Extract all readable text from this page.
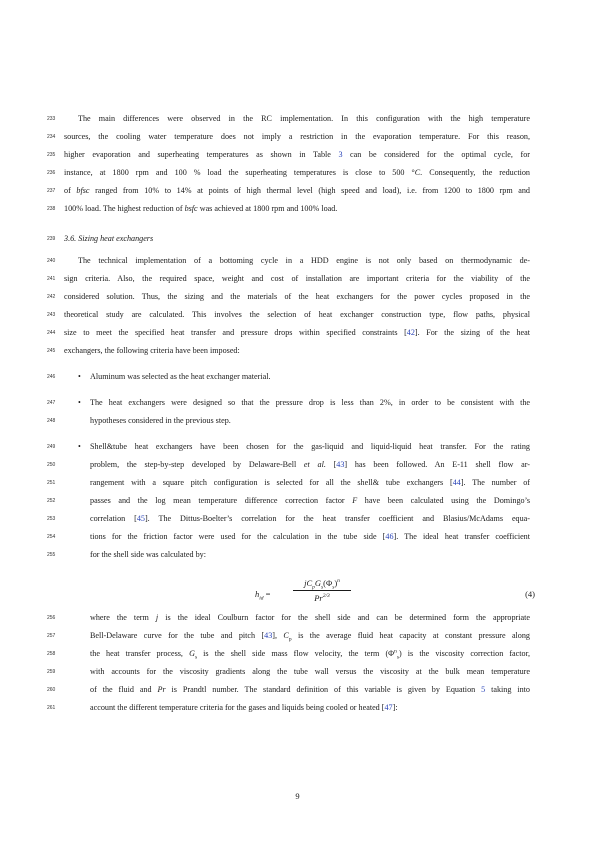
233	The main differences were observed in the RC implementation. In this configuration with the high temperature
234	sources, the cooling water temperature does not imply a restriction in the evaporation temperature. For this reason,
235	higher evaporation and superheating temperatures as shown in Table 3 can be considered for the optimal cycle, for
236	instance, at 1800 rpm and 100 % load the superheating temperatures is close to 500 °C. Consequently, the reduction
237	of bfsc ranged from 10% to 14% at points of high thermal level (high speed and load), i.e. from 1200 to 1800 rpm and
238	100% load. The highest reduction of bsfc was achieved at 1800 rpm and 100% load.
239	3.6. Sizing heat exchangers
240	The technical implementation of a bottoming cycle in a HDD engine is not only based on thermodynamic de-
241	sign criteria. Also, the required space, weight and cost of installation are important criteria for the viability of the
242	considered solution. Thus, the sizing and the materials of the heat exchangers for the power cycles proposed in the
243	theoretical study are calculated. This involves the selection of heat exchanger construction type, flow paths, physical
244	size to meet the specified heat transfer and pressure drops within specified constraints [42]. For the sizing of the heat
245	exchangers, the following criteria have been imposed:
246	• Aluminum was selected as the heat exchanger material.
247	• The heat exchangers were designed so that the pressure drop is less than 2%, in order to be consistent with the
248	hypotheses considered in the previous step.
249	• Shell&tube heat exchangers have been chosen for the gas-liquid and liquid-liquid heat transfer. For the rating
250	problem, the step-by-step developed by Delaware-Bell et al. [43] has been followed. An E-11 shell flow ar-
251	rangement with a square pitch configuration is selected for all the shell& tube exchangers [44]. The number of
252	passes and the log mean temperature difference correction factor F have been calculated using the Domingo’s
253	correlation [45]. The Dittus-Boelter’s correlation for the heat transfer coefficient and Blasius/McAdams equa-
254	tions for the friction factor were used for the calculation in the tube side [46]. The ideal heat transfer coefficient
255	for the shell side was calculated by:
$h_{id}$ =
$jC_pG_s(\Phi_s)^n$
$Pr^{2/3}$	(4)
256	where the term j is the ideal Coulburn factor for the shell side and can be determined form the appropriate
257	Bell-Delaware curve for the tube and pitch [43], $C_p$ is the average fluid heat capacity at constant pressure along
258	the heat transfer process, $G_s$ is the shell side mass flow velocity, the term $(\Phi^n_s)$ is the viscosity correction factor,
259	with accounts for the viscosity gradients along the tube wall versus the viscosity at the bulk mean temperature
260	of the fluid and Pr is Prandtl number. The standard definition of this variable is given by Equation 5 taking into
261	account the different temperature criteria for the gases and liquids being cooled or heated [47]:
9
